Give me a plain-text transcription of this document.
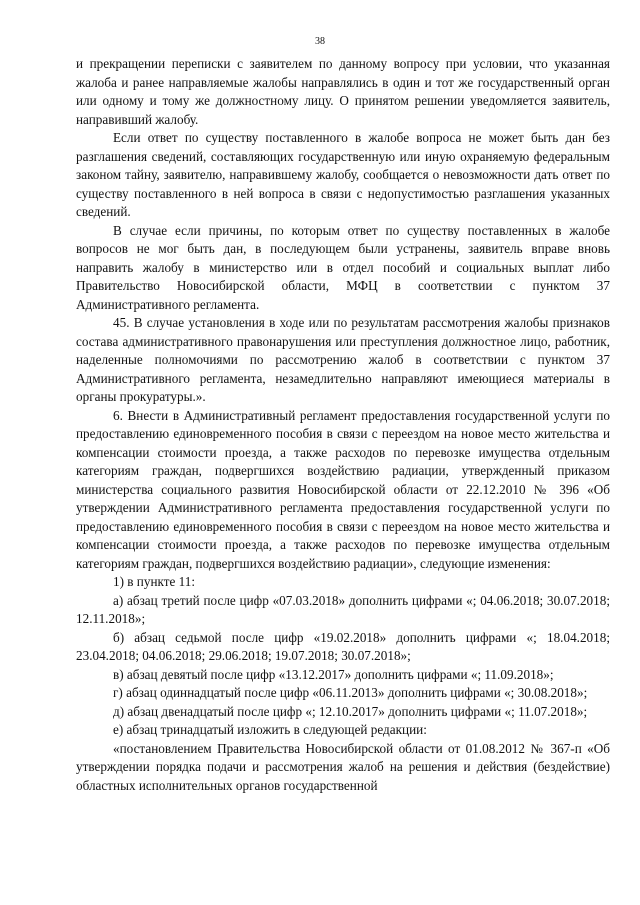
38

и прекращении переписки с заявителем по данному вопросу при условии, что указанная жалоба и ранее направляемые жалобы направлялись в один и тот же государственный орган или одному и тому же должностному лицу. О принятом решении уведомляется заявитель, направивший жалобу.

Если ответ по существу поставленного в жалобе вопроса не может быть дан без разглашения сведений, составляющих государственную или иную охраняемую федеральным законом тайну, заявителю, направившему жалобу, сообщается о невозможности дать ответ по существу поставленного в ней вопроса в связи с недопустимостью разглашения указанных сведений.

В случае если причины, по которым ответ по существу поставленных в жалобе вопросов не мог быть дан, в последующем были устранены, заявитель вправе вновь направить жалобу в министерство или в отдел пособий и социальных выплат либо Правительство Новосибирской области, МФЦ в соответствии с пунктом 37 Административного регламента.

45. В случае установления в ходе или по результатам рассмотрения жалобы признаков состава административного правонарушения или преступления должностное лицо, работник, наделенные полномочиями по рассмотрению жалоб в соответствии с пунктом 37 Административного регламента, незамедлительно направляют имеющиеся материалы в органы прокуратуры.».

6. Внести в Административный регламент предоставления государственной услуги по предоставлению единовременного пособия в связи с переездом на новое место жительства и компенсации стоимости проезда, а также расходов по перевозке имущества отдельным категориям граждан, подвергшихся воздействию радиации, утвержденный приказом министерства социального развития Новосибирской области от 22.12.2010 № 396 «Об утверждении Административного регламента предоставления государственной услуги по предоставлению единовременного пособия в связи с переездом на новое место жительства и компенсации стоимости проезда, а также расходов по перевозке имущества отдельным категориям граждан, подвергшихся воздействию радиации», следующие изменения:

1) в пункте 11:

а) абзац третий после цифр «07.03.2018» дополнить цифрами «; 04.06.2018; 30.07.2018; 12.11.2018»;

б) абзац седьмой после цифр «19.02.2018» дополнить цифрами «; 18.04.2018; 23.04.2018; 04.06.2018; 29.06.2018; 19.07.2018; 30.07.2018»;

в) абзац девятый после цифр «13.12.2017» дополнить цифрами «; 11.09.2018»;

г) абзац одиннадцатый после цифр «06.11.2013» дополнить цифрами «; 30.08.2018»;

д) абзац двенадцатый после цифр «; 12.10.2017» дополнить цифрами «; 11.07.2018»;

е) абзац тринадцатый изложить в следующей редакции:

«постановлением Правительства Новосибирской области от 01.08.2012 № 367-п «Об утверждении порядка подачи и рассмотрения жалоб на решения и действия (бездействие) областных исполнительных органов государственной
